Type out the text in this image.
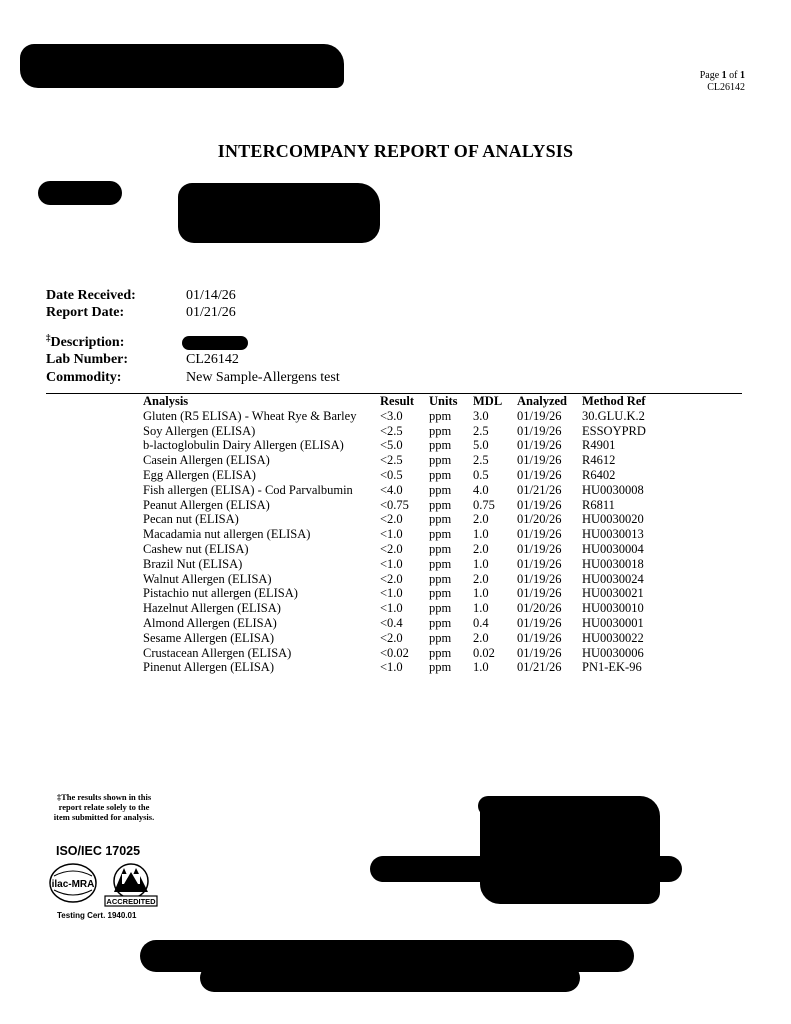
Page 1 of 1
CL26142
INTERCOMPANY REPORT OF ANALYSIS
Date Received:	01/14/26
Report Date:	01/21/26
‡Description:
Lab Number:	CL26142
Commodity:	New Sample-Allergens test
Analysis	Result	Units	MDL	Analyzed	Method Ref
Gluten (R5 ELISA) - Wheat Rye & Barley	<3.0	ppm	3.0	01/19/26	30.GLU.K.2
Soy Allergen (ELISA)	<2.5	ppm	2.5	01/19/26	ESSOYPRD
b-lactoglobulin Dairy Allergen (ELISA)	<5.0	ppm	5.0	01/19/26	R4901
Casein Allergen (ELISA)	<2.5	ppm	2.5	01/19/26	R4612
Egg Allergen (ELISA)	<0.5	ppm	0.5	01/19/26	R6402
Fish allergen (ELISA) - Cod Parvalbumin	<4.0	ppm	4.0	01/21/26	HU0030008
Peanut Allergen (ELISA)	<0.75	ppm	0.75	01/19/26	R6811
Pecan nut (ELISA)	<2.0	ppm	2.0	01/20/26	HU0030020
Macadamia nut allergen (ELISA)	<1.0	ppm	1.0	01/19/26	HU0030013
Cashew nut (ELISA)	<2.0	ppm	2.0	01/19/26	HU0030004
Brazil Nut (ELISA)	<1.0	ppm	1.0	01/19/26	HU0030018
Walnut Allergen (ELISA)	<2.0	ppm	2.0	01/19/26	HU0030024
Pistachio nut allergen (ELISA)	<1.0	ppm	1.0	01/19/26	HU0030021
Hazelnut Allergen (ELISA)	<1.0	ppm	1.0	01/20/26	HU0030010
Almond Allergen (ELISA)	<0.4	ppm	0.4	01/19/26	HU0030001
Sesame Allergen (ELISA)	<2.0	ppm	2.0	01/19/26	HU0030022
Crustacean Allergen (ELISA)	<0.02	ppm	0.02	01/19/26	HU0030006
Pinenut Allergen (ELISA)	<1.0	ppm	1.0	01/21/26	PN1-EK-96
‡The results shown in this
report relate solely to the
item submitted for analysis.
ISO/IEC 17025
ilac-MRA
ACCREDITED
Testing Cert. 1940.01
